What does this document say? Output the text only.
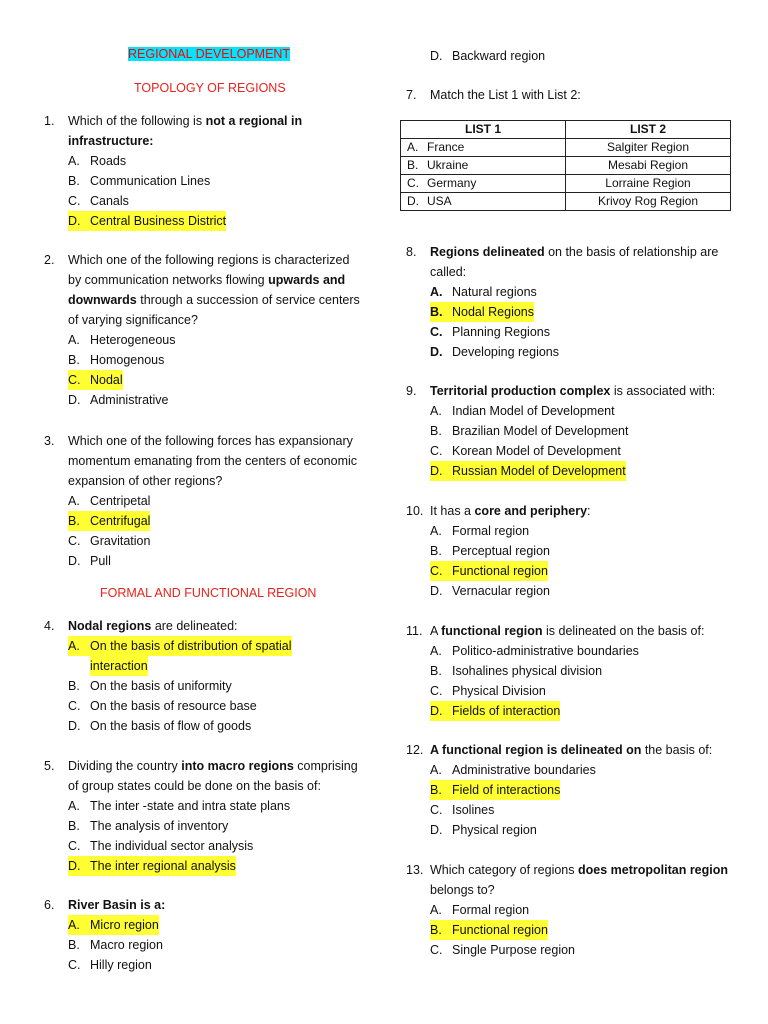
REGIONAL DEVELOPMENT
TOPOLOGY OF REGIONS
1. Which of the following is not a regional in infrastructure:
A. Roads
B. Communication Lines
C. Canals
D. Central Business District
2. Which one of the following regions is characterized by communication networks flowing upwards and downwards through a succession of service centers of varying significance?
A. Heterogeneous
B. Homogenous
C. Nodal

D. Administrative
3. Which one of the following forces has expansionary momentum emanating from the centers of economic expansion of other regions?
A. Centripetal
B. Centrifugal

C. Gravitation
D. Pull
FORMAL AND FUNCTIONAL REGION
4. Nodal regions are delineated:
A. On the basis of distribution of spatial
interaction
B. On the basis of uniformity
C. On the basis of resource base
D. On the basis of flow of goods
5. Dividing the country into macro regions comprising of group states could be done on the basis of:
A. The inter -state and intra state plans
B. The analysis of inventory
C. The individual sector analysis
D. The inter regional analysis
6. River Basin is a:
A. Micro region

B. Macro region
C. Hilly region
D. Backward region
7. Match the List 1 with List 2:
LIST 1	LIST 2
A. France	Salgiter Region
B. Ukraine	Mesabi Region
C. Germany	Lorraine Region
D. USA	Krivoy Rog Region
8. Regions delineated on the basis of relationship are called:
A. Natural regions
B. Nodal Regions

C. Planning Regions
D. Developing regions
9. Territorial production complex is associated with:
A. Indian Model of Development
B. Brazilian Model of Development
C. Korean Model of Development
D. Russian Model of Development
10. It has a core and periphery:
A. Formal region
B. Perceptual region
C. Functional region

D. Vernacular region
11. A functional region is delineated on the basis of:
A. Politico-administrative boundaries
B. Isohalines physical division
C. Physical Division
D. Fields of interaction
12. A functional region is delineated on the basis of:
A. Administrative boundaries
B. Field of interactions

C. Isolines
D. Physical region
13. Which category of regions does metropolitan region belongs to?
A. Formal region
B. Functional region

C. Single Purpose region
